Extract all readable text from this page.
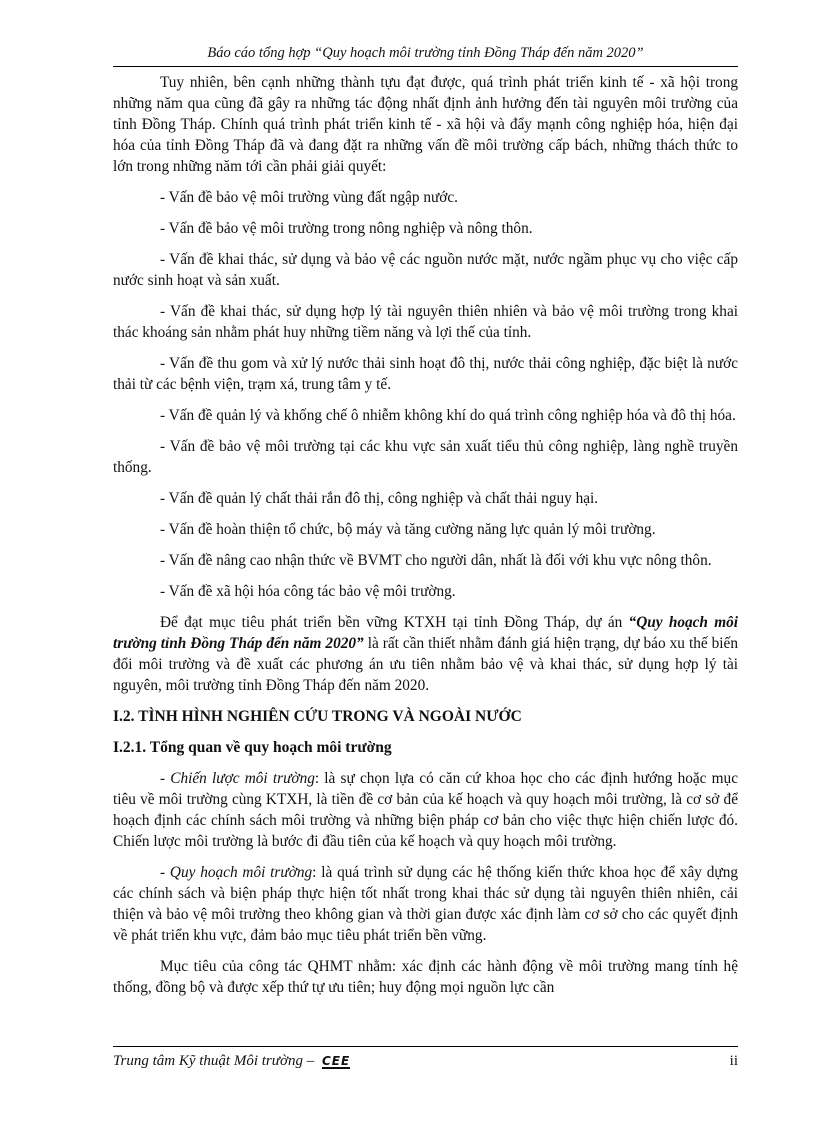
Báo cáo tổng hợp “Quy hoạch môi trường tỉnh Đồng Tháp đến năm 2020”

Tuy nhiên, bên cạnh những thành tựu đạt được, quá trình phát triển kinh tế - xã hội trong những năm qua cũng đã gây ra những tác động nhất định ảnh hưởng đến tài nguyên môi trường của tỉnh Đồng Tháp. Chính quá trình phát triển kinh tế - xã hội và đẩy mạnh công nghiệp hóa, hiện đại hóa của tỉnh Đồng Tháp đã và đang đặt ra những vấn đề môi trường cấp bách, những thách thức to lớn trong những năm tới cần phải giải quyết:

- Vấn đề bảo vệ môi trường vùng đất ngập nước.

- Vấn đề bảo vệ môi trường trong nông nghiệp và nông thôn.

- Vấn đề khai thác, sử dụng và bảo vệ các nguồn nước mặt, nước ngầm phục vụ cho việc cấp nước sinh hoạt và sản xuất.

- Vấn đề khai thác, sử dụng hợp lý tài nguyên thiên nhiên và bảo vệ môi trường trong khai thác khoáng sản nhằm phát huy những tiềm năng và lợi thế của tỉnh.

- Vấn đề thu gom và xử lý nước thải sinh hoạt đô thị, nước thải công nghiệp, đặc biệt là nước thải từ các bệnh viện, trạm xá, trung tâm y tế.

- Vấn đề quản lý và khống chế ô nhiễm không khí do quá trình công nghiệp hóa và đô thị hóa.

- Vấn đề bảo vệ môi trường tại các khu vực sản xuất tiểu thủ công nghiệp, làng nghề truyền thống.

- Vấn đề quản lý chất thải rắn đô thị, công nghiệp và chất thải nguy hại.

- Vấn đề hoàn thiện tổ chức, bộ máy và tăng cường năng lực quản lý môi trường.

- Vấn đề nâng cao nhận thức về BVMT cho người dân, nhất là đối với khu vực nông thôn.

- Vấn đề xã hội hóa công tác bảo vệ môi trường.

Để đạt mục tiêu phát triển bền vững KTXH tại tỉnh Đồng Tháp, dự án “Quy hoạch môi trường tỉnh Đồng Tháp đến năm 2020” là rất cần thiết nhằm đánh giá hiện trạng, dự báo xu thế biến đổi môi trường và đề xuất các phương án ưu tiên nhằm bảo vệ và khai thác, sử dụng hợp lý tài nguyên, môi trường tỉnh Đồng Tháp đến năm 2020.

I.2. TÌNH HÌNH NGHIÊN CỨU TRONG VÀ NGOÀI NƯỚC
I.2.1. Tổng quan về quy hoạch môi trường

- Chiến lược môi trường: là sự chọn lựa có căn cứ khoa học cho các định hướng hoặc mục tiêu về môi trường cùng KTXH, là tiền đề cơ bản của kế hoạch và quy hoạch môi trường, là cơ sở để hoạch định các chính sách môi trường và những biện pháp cơ bản cho việc thực hiện chiến lược đó. Chiến lược môi trường là bước đi đầu tiên của kế hoạch và quy hoạch môi trường.

- Quy hoạch môi trường: là quá trình sử dụng các hệ thống kiến thức khoa học để xây dựng các chính sách và biện pháp thực hiện tốt nhất trong khai thác sử dụng tài nguyên thiên nhiên, cải thiện và bảo vệ môi trường theo không gian và thời gian được xác định làm cơ sở cho các quyết định về phát triển khu vực, đảm bảo mục tiêu phát triển bền vững.

Mục tiêu của công tác QHMT nhằm: xác định các hành động về môi trường mang tính hệ thống, đồng bộ và được xếp thứ tự ưu tiên; huy động mọi nguồn lực cần

Trung tâm Kỹ thuật Môi trường – CEE	ii
